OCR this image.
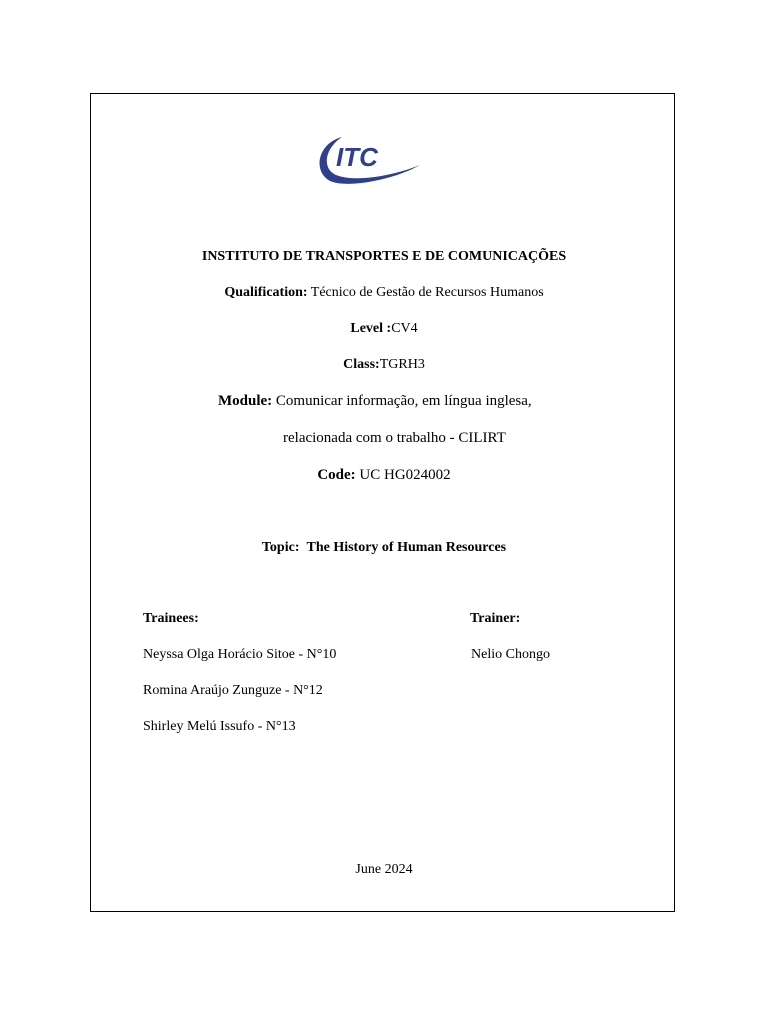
ITC
INSTITUTO DE TRANSPORTES E DE COMUNICAÇÕES
Qualification: Técnico de Gestão de Recursos Humanos
Level :CV4
Class:TGRH3
Module: Comunicar informação, em língua inglesa,
relacionada com o trabalho - CILIRT
Code: UC HG024002
Topic: The History of Human Resources
Trainees:	Trainer:
Neyssa Olga Horácio Sitoe - N°10	Nelio Chongo
Romina Araújo Zunguze - N°12
Shirley Melú Issufo - N°13
June 2024
